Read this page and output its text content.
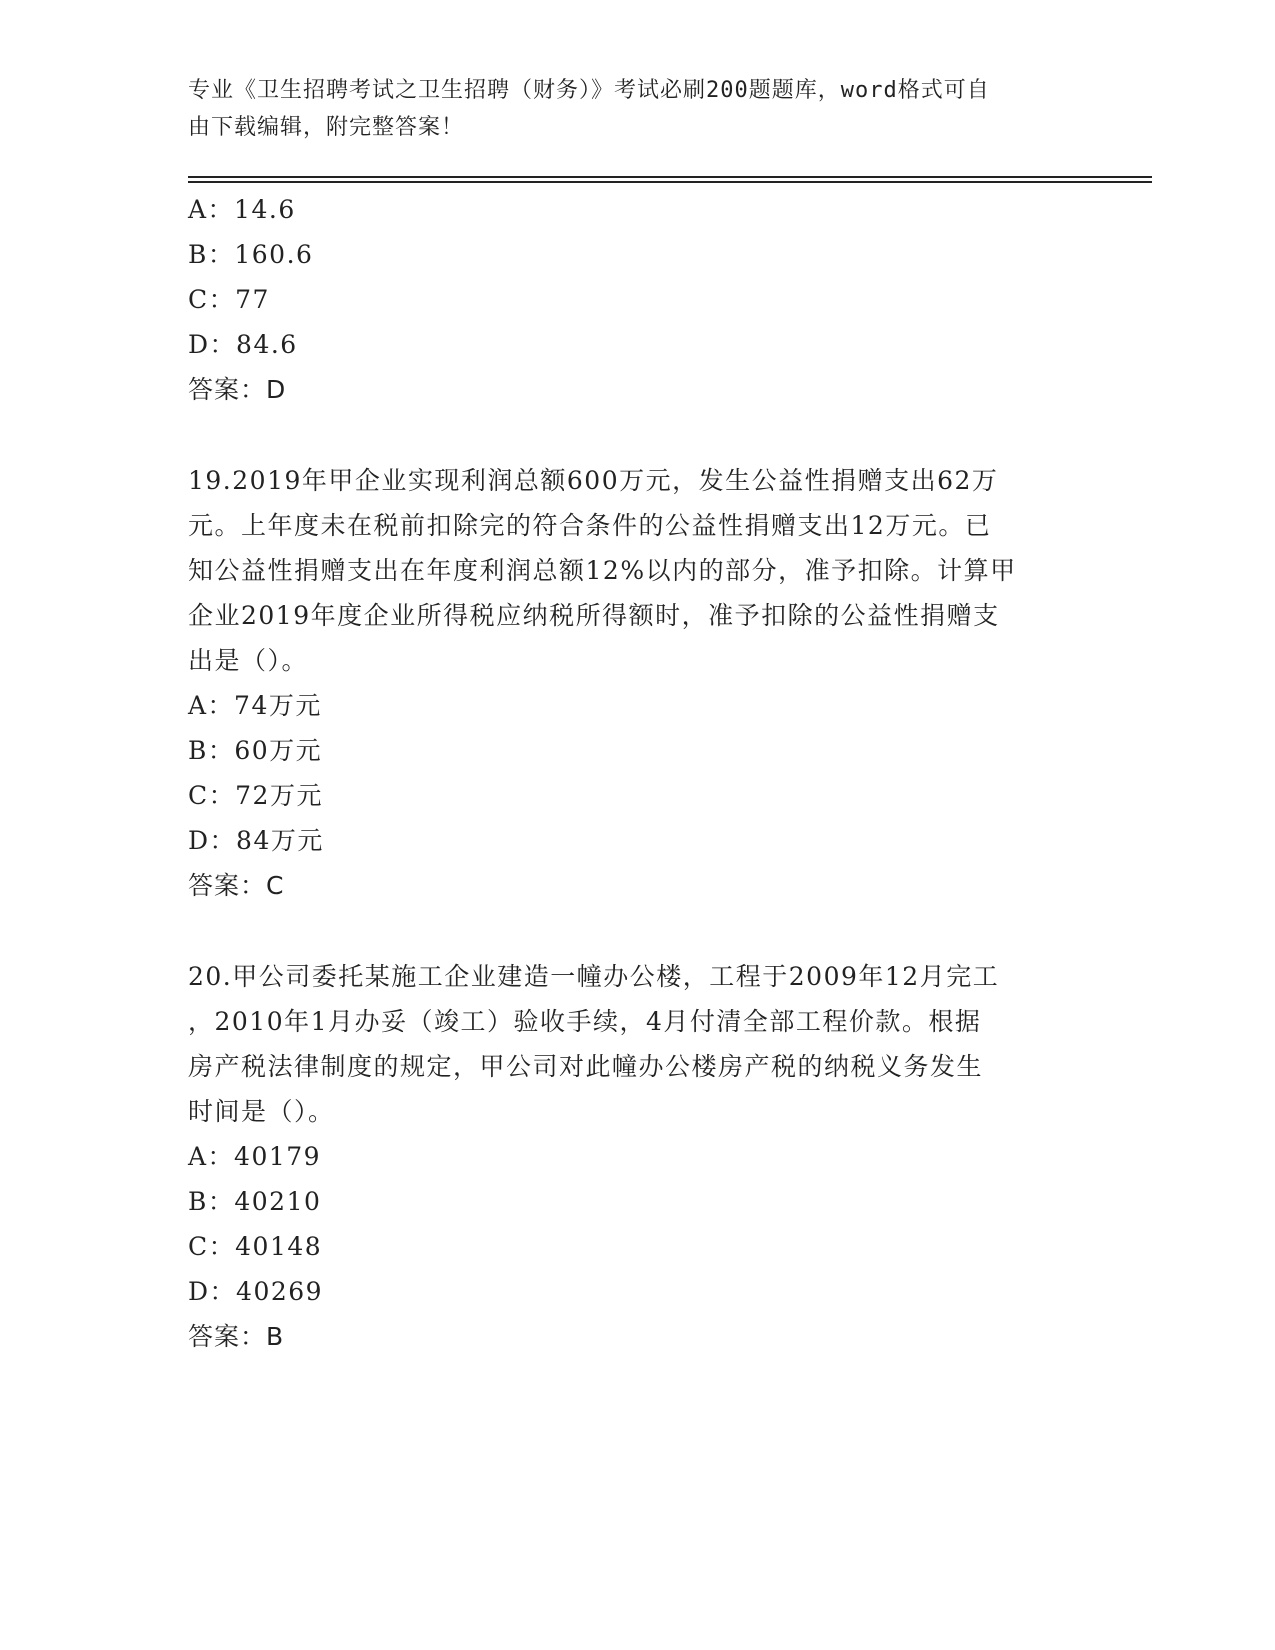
专业《卫生招聘考试之卫生招聘（财务）》考试必刷200题题库，word格式可自
由下载编辑，附完整答案！
A：14.6
B：160.6
C：77
D：84.6
答案：D
19.2019年甲企业实现利润总额600万元，发生公益性捐赠支出62万
元。上年度未在税前扣除完的符合条件的公益性捐赠支出12万元。已
知公益性捐赠支出在年度利润总额12%以内的部分，准予扣除。计算甲
企业2019年度企业所得税应纳税所得额时，准予扣除的公益性捐赠支
出是（）。
A：74万元
B：60万元
C：72万元
D：84万元
答案：C
20.甲公司委托某施工企业建造一幢办公楼，工程于2009年12月完工
，2010年1月办妥（竣工）验收手续，4月付清全部工程价款。根据
房产税法律制度的规定，甲公司对此幢办公楼房产税的纳税义务发生
时间是（）。
A：40179
B：40210
C：40148
D：40269
答案：B
